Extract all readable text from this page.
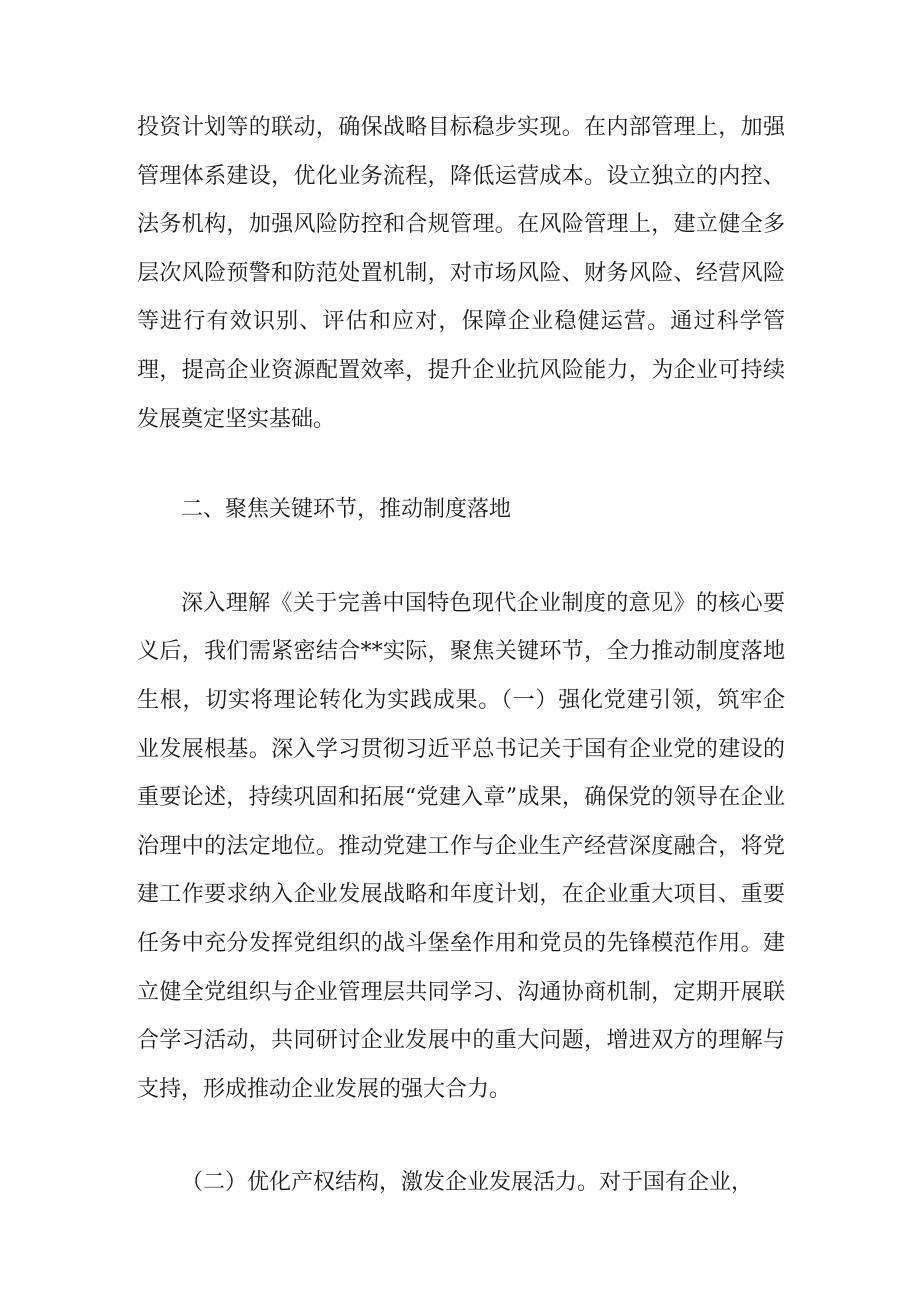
投资计划等的联动，确保战略目标稳步实现。在内部管理上，加强管理体系建设，优化业务流程，降低运营成本。设立独立的内控、法务机构，加强风险防控和合规管理。在风险管理上，建立健全多层次风险预警和防范处置机制，对市场风险、财务风险、经营风险等进行有效识别、评估和应对，保障企业稳健运营。通过科学管理，提高企业资源配置效率，提升企业抗风险能力，为企业可持续发展奠定坚实基础。

二、聚焦关键环节，推动制度落地

深入理解《关于完善中国特色现代企业制度的意见》的核心要义后，我们需紧密结合**实际，聚焦关键环节，全力推动制度落地生根，切实将理论转化为实践成果。（一）强化党建引领，筑牢企业发展根基。深入学习贯彻习近平总书记关于国有企业党的建设的重要论述，持续巩固和拓展“党建入章”成果，确保党的领导在企业治理中的法定地位。推动党建工作与企业生产经营深度融合，将党建工作要求纳入企业发展战略和年度计划，在企业重大项目、重要任务中充分发挥党组织的战斗堡垒作用和党员的先锋模范作用。建立健全党组织与企业管理层共同学习、沟通协商机制，定期开展联合学习活动，共同研讨企业发展中的重大问题，增进双方的理解与支持，形成推动企业发展的强大合力。

（二）优化产权结构，激发企业发展活力。对于国有企业，
